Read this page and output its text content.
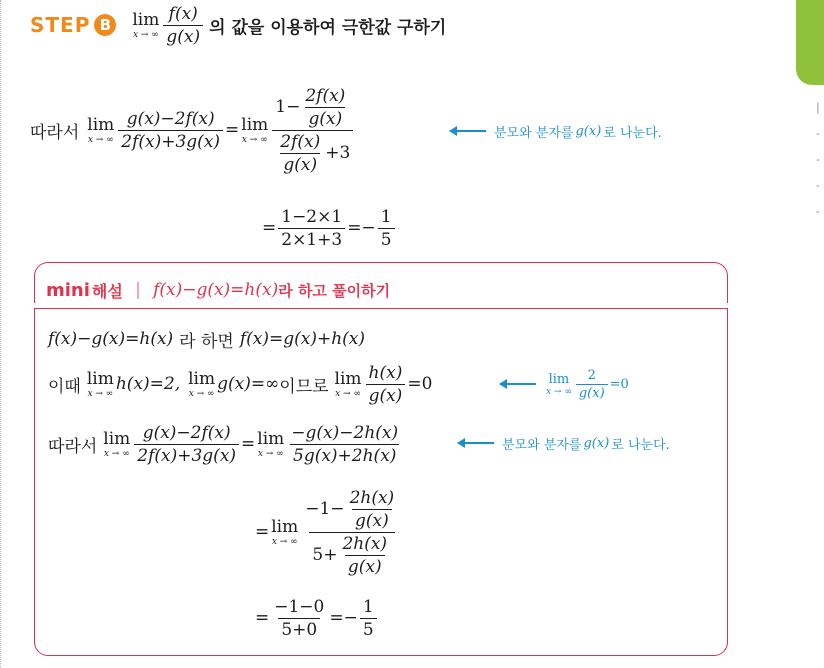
| - - - -
STEP B	lim
x → ∞ $\frac{f(x)}{g(x)}$ 의 값을 이용하여 극한값 구하기
따라서 lim
x → ∞ $\frac{g(x)-2f(x)}{2f(x)+3g(x)} = \lim$
x → ∞ $\frac{1- \frac{2f(x)}{g(x)}}{\frac{2f(x)}{g(x)} +3}$	분모와 분자를 g(x) 로 나눈다.
= $\frac{1-2\times 1}{2\times 1+3} =- \frac{1}{5}$
mini 해설 | f(x)−g(x)=h(x) 라 하고 풀이하기
f(x)−g(x)=h(x) 라 하면 f(x)=g(x)+h(x)
이때 lim
x → ∞ h(x)=2, lim
x → ∞ g(x)=∞ 이므로 lim
x → ∞ $\frac{h(x)}{g(x)} =0$	lim
x → ∞ $\frac{2}{g(x)} =0$
따라서 lim
x → ∞ $\frac{g(x)-2f(x)}{2f(x)+3g(x)} = \lim$
x → ∞ $\frac{-g(x)-2h(x)}{5g(x)+2h(x)}$	분모와 분자를 g(x) 로 나눈다.
= lim
x → ∞ $\frac{-1- \frac{2h(x)}{g(x)}}{5+ \frac{2h(x)}{g(x)}}$
= $\frac{-1-0}{5+0} =- \frac{1}{5}$
